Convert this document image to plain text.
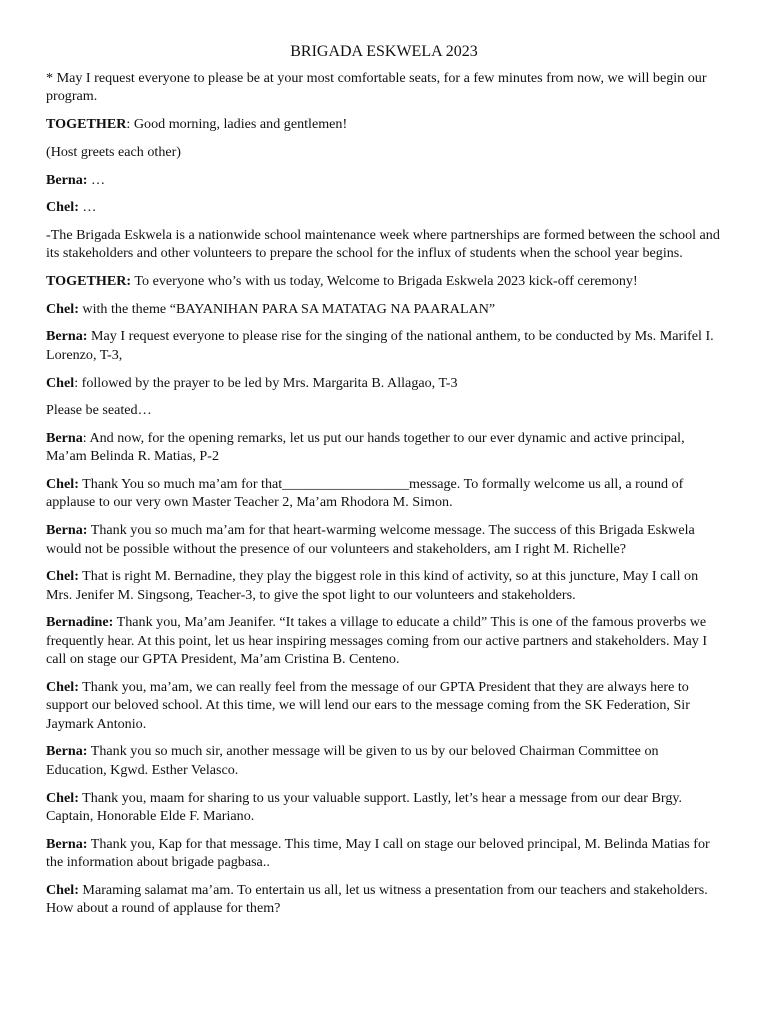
BRIGADA ESKWELA 2023

* May I request everyone to please be at your most comfortable seats, for a few minutes from now, we will begin our program.

TOGETHER: Good morning, ladies and gentlemen!

(Host greets each other)

Berna: …

Chel: …

-The Brigada Eskwela is a nationwide school maintenance week where partnerships are formed between the school and its stakeholders and other volunteers to prepare the school for the influx of students when the school year begins.

TOGETHER: To everyone who’s with us today, Welcome to Brigada Eskwela 2023 kick-off ceremony!

Chel: with the theme “BAYANIHAN PARA SA MATATAG NA PAARALAN”

Berna: May I request everyone to please rise for the singing of the national anthem, to be conducted by Ms. Marifel I. Lorenzo, T-3,

Chel: followed by the prayer to be led by Mrs. Margarita B. Allagao, T-3

Please be seated…

Berna: And now, for the opening remarks, let us put our hands together to our ever dynamic and active principal, Ma’am Belinda R. Matias, P-2

Chel: Thank You so much ma’am for that__________________message. To formally welcome us all, a round of applause to our very own Master Teacher 2, Ma’am Rhodora M. Simon.

Berna: Thank you so much ma’am for that heart-warming welcome message. The success of this Brigada Eskwela would not be possible without the presence of our volunteers and stakeholders, am I right M. Richelle?

Chel: That is right M. Bernadine, they play the biggest role in this kind of activity, so at this juncture, May I call on Mrs. Jenifer M. Singsong, Teacher-3, to give the spot light to our volunteers and stakeholders.

Bernadine: Thank you, Ma’am Jeanifer. “It takes a village to educate a child” This is one of the famous proverbs we frequently hear. At this point, let us hear inspiring messages coming from our active partners and stakeholders. May I call on stage our GPTA President, Ma’am Cristina B. Centeno.

Chel: Thank you, ma’am, we can really feel from the message of our GPTA President that they are always here to support our beloved school. At this time, we will lend our ears to the message coming from the SK Federation, Sir Jaymark Antonio.

Berna: Thank you so much sir, another message will be given to us by our beloved Chairman Committee on Education, Kgwd. Esther Velasco.

Chel: Thank you, maam for sharing to us your valuable support. Lastly, let’s hear a message from our dear Brgy. Captain, Honorable Elde F. Mariano.

Berna: Thank you, Kap for that message. This time, May I call on stage our beloved principal, M. Belinda Matias for the information about brigade pagbasa..

Chel: Maraming salamat ma’am. To entertain us all, let us witness a presentation from our teachers and stakeholders. How about a round of applause for them?
